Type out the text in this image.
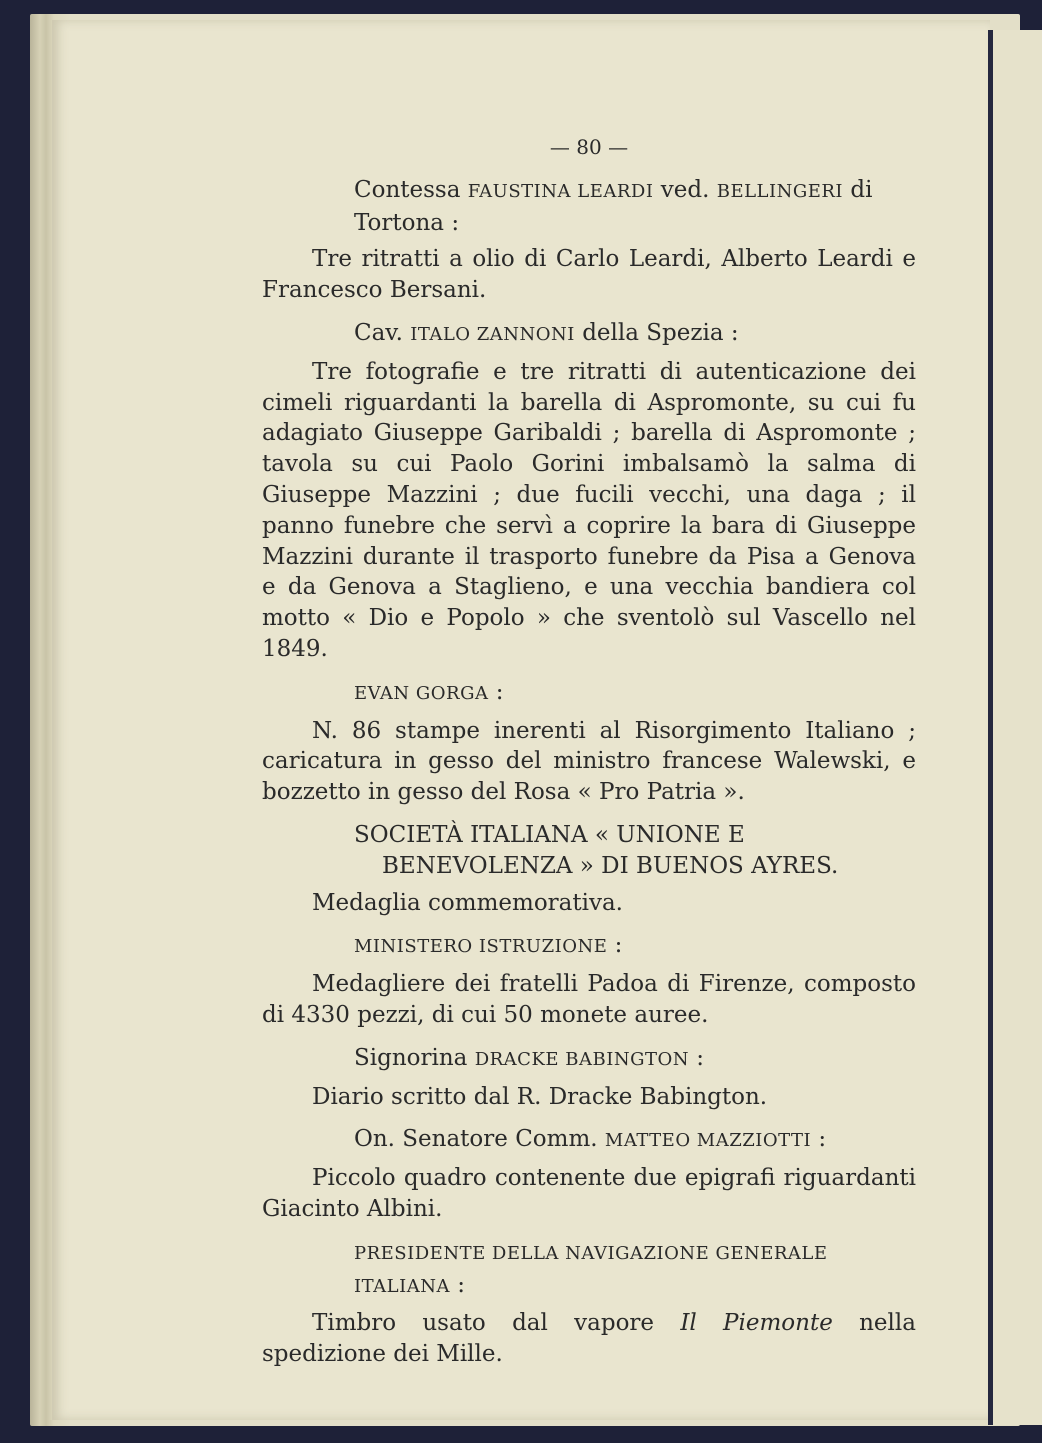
— 80 —

Contessa FAUSTINA LEARDI ved. BELLINGERI di Tortona :

Tre ritratti a olio di Carlo Leardi, Alberto Leardi e Francesco Bersani.

Cav. ITALO ZANNONI della Spezia :

Tre fotografie e tre ritratti di autenticazione dei cimeli riguardanti la barella di Aspromonte, su cui fu adagiato Giuseppe Garibaldi ; barella di Aspromonte ; tavola su cui Paolo Gorini imbalsamò la salma di Giuseppe Mazzini ; due fucili vecchi, una daga ; il panno funebre che servì a coprire la bara di Giuseppe Mazzini durante il trasporto funebre da Pisa a Genova e da Genova a Staglieno, e una vecchia bandiera col motto « Dio e Popolo » che sventolò sul Vascello nel 1849.

EVAN GORGA :

N. 86 stampe inerenti al Risorgimento Italiano ; caricatura in gesso del ministro francese Walewski, e bozzetto in gesso del Rosa « Pro Patria ».

SOCIETÀ ITALIANA « UNIONE E BENEVOLENZA » DI BUENOS AYRES.

Medaglia commemorativa.

MINISTERO ISTRUZIONE :

Medagliere dei fratelli Padoa di Firenze, composto di 4330 pezzi, di cui 50 monete auree.

Signorina DRACKE BABINGTON :

Diario scritto dal R. Dracke Babington.

On. Senatore Comm. MATTEO MAZZIOTTI :

Piccolo quadro contenente due epigrafi riguardanti Giacinto Albini.

PRESIDENTE DELLA NAVIGAZIONE GENERALE ITALIANA :

Timbro usato dal vapore Il Piemonte nella spedizione dei Mille.
